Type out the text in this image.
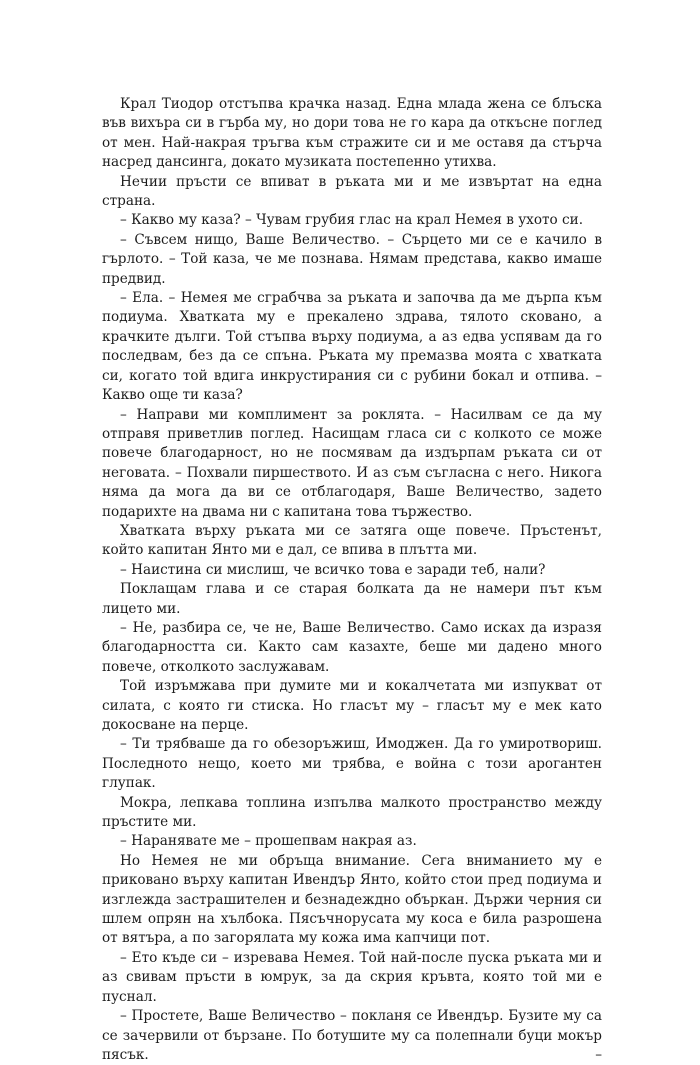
Крал Тиодор отстъпва крачка назад. Една млада жена се блъска във вихъра си в гърба му, но дори това не го кара да откъсне поглед от мен. Най-накрая тръгва към стражите си и ме оставя да стърча насред дансинга, докато музиката постепенно утихва.

Нечии пръсти се впиват в ръката ми и ме извъртат на една страна.

– Какво му каза? – Чувам грубия глас на крал Немея в ухото си.

– Съвсем нищо, Ваше Величество. – Сърцето ми се е качило в гърлото. – Той каза, че ме познава. Нямам представа, какво имаше предвид.

– Ела. – Немея ме сграбчва за ръката и започва да ме дърпа към подиума. Хватката му е прекалено здрава, тялото сковано, а крачките дълги. Той стъпва върху подиума, а аз едва успявам да го последвам, без да се спъна. Ръката му премазва моята с хватката си, когато той вдига инкрустирания си с рубини бокал и отпива. – Какво още ти каза?

– Направи ми комплимент за роклята. – Насилвам се да му отправя приветлив поглед. Насищам гласа си с колкото се може повече благодарност, но не посмявам да издърпам ръката си от неговата. – Похвали пиршеството. И аз съм съгласна с него. Никога няма да мога да ви се отблагодаря, Ваше Величество, задето подарихте на двама ни с капитана това тържество.

Хватката върху ръката ми се затяга още повече. Пръстенът, който капитан Янто ми е дал, се впива в плътта ми.

– Наистина си мислиш, че всичко това е заради теб, нали?

Поклащам глава и се старая болката да не намери път към лицето ми.

– Не, разбира се, че не, Ваше Величество. Само исках да изразя благодарността си. Както сам казахте, беше ми дадено много повече, отколкото заслужавам.

Той изръмжава при думите ми и кокалчетата ми изпукват от силата, с която ги стиска. Но гласът му – гласът му е мек като докосване на перце.

– Ти трябваше да го обезоръжиш, Имоджен. Да го умиротвориш. Последното нещо, което ми трябва, е война с този арогантен глупак.

Мокра, лепкава топлина изпълва малкото пространство между пръстите ми.

– Наранявате ме – прошепвам накрая аз.

Но Немея не ми обръща внимание. Сега вниманието му е приковано върху капитан Ивендър Янто, който стои пред подиума и изглежда застрашителен и безнадеждно объркан. Държи черния си шлем опрян на хълбока. Пясъчнорусата му коса е била разрошена от вятъра, а по загорялата му кожа има капчици пот.

– Ето къде си – изревава Немея. Той най-после пуска ръката ми и аз свивам пръсти в юмрук, за да скрия кръвта, която той ми е пуснал.

– Простете, Ваше Величество – покланя се Ивендър. Бузите му са се зачервили от бързане. По ботушите му са полепнали буци мокър пясък. –
